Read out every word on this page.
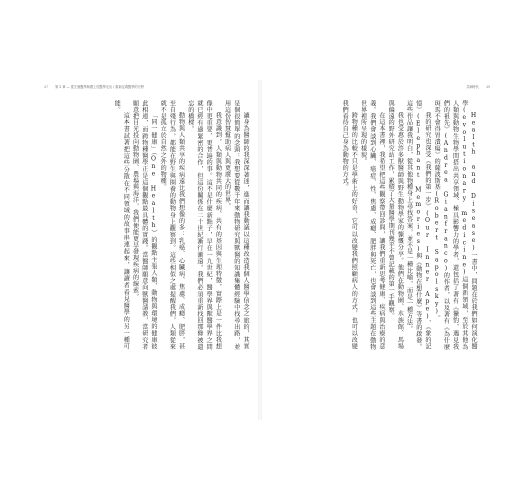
47 第 2 章 — 從生殖醫學與禮上性醫學走出 / 重新定義醫學的分野

讓身為醫師的我深深著迷，進而讓我動議以這種改造我個人醫學信念之旅的，其實是個很簡單的念頭：我想要從數千年來動物研究與獸醫的知識集體經驗中找尋出路，並用這份智慧幫助病人與更廣大的世界。

我意識到，人類與動物共同的疾病、共有的基因與生理特徵，實際上是一件比我想像中更重要、更普遍的事。這不是什麼新點子，早在一九世紀，醫學界與獸醫學界之間就已經有過緊密的合作，但這份關係在二十世紀漸行漸遠。我們必須重新找回那條被遺忘的橋樑。

動物與人類共享的疾病遠比我們想像的多：乳癌、心臟病、焦慮、成癮、肥胖，甚至自殘行為，都能在野生與圈養的動物身上觀察到。這些相似之處提醒我們，人類從來就不是孤立於自然之外的物種。

「同一健康」（One Health）的觀點主張人類、動物與環境的健康彼此相連，而跨物種醫學正是這個觀點最具體的實踐。當醫師願意向獸醫請教，當研究者願意把目光投向動物園、農場與海洋，我們便能更早發現疾病的線索。

這本書試著把這些分散在不同領域的故事串連起來，讓讀者看見醫學的另一種可能。

共病時代 49

Health and Disease)一書中，問題在於我們如何演化醫學(evolutionary medicine)這個新領域，至於其他為人類與動物生物學間搭出共享領域、極具影響力的學者，還包括了著有《獵豹，遇見我們的祖先》(Andrea Gianfranco)的作者，以及著有《為什麼斑馬不會得胃潰瘍》的薩波斯基(Robert Sapolsky)。

我的研究也深受《我們的第一步》(Our Inner Ape)、《象的記憶》(Elephant Memories)與《動物在想什麼》等書的啟發。這些作品讓我明白，從其他物種身上尋找答案，並不是一種比喻，而是一種方法。

我也受惠於許多獸醫師與野生動物學家的慷慨分享。他們在動物園、水族館、馬場與偏遠的野外研究站工作，累積了大量醫學期刊幾乎不曾記載的第一手觀察。

在這本書裡，我希望把這些觀察帶回診間，讓我們重新思考健康、疾病與治療的意義。我們會談到心臟、癌症、性、焦慮、成癮、肥胖與死亡，也會談到這些主題在動物世界裡所呈現的樣貌。

跨物種的比較不只是學術上的好奇，它可以改變我們照顧病人的方式，也可以改變我們看待自己身為動物的方式。
